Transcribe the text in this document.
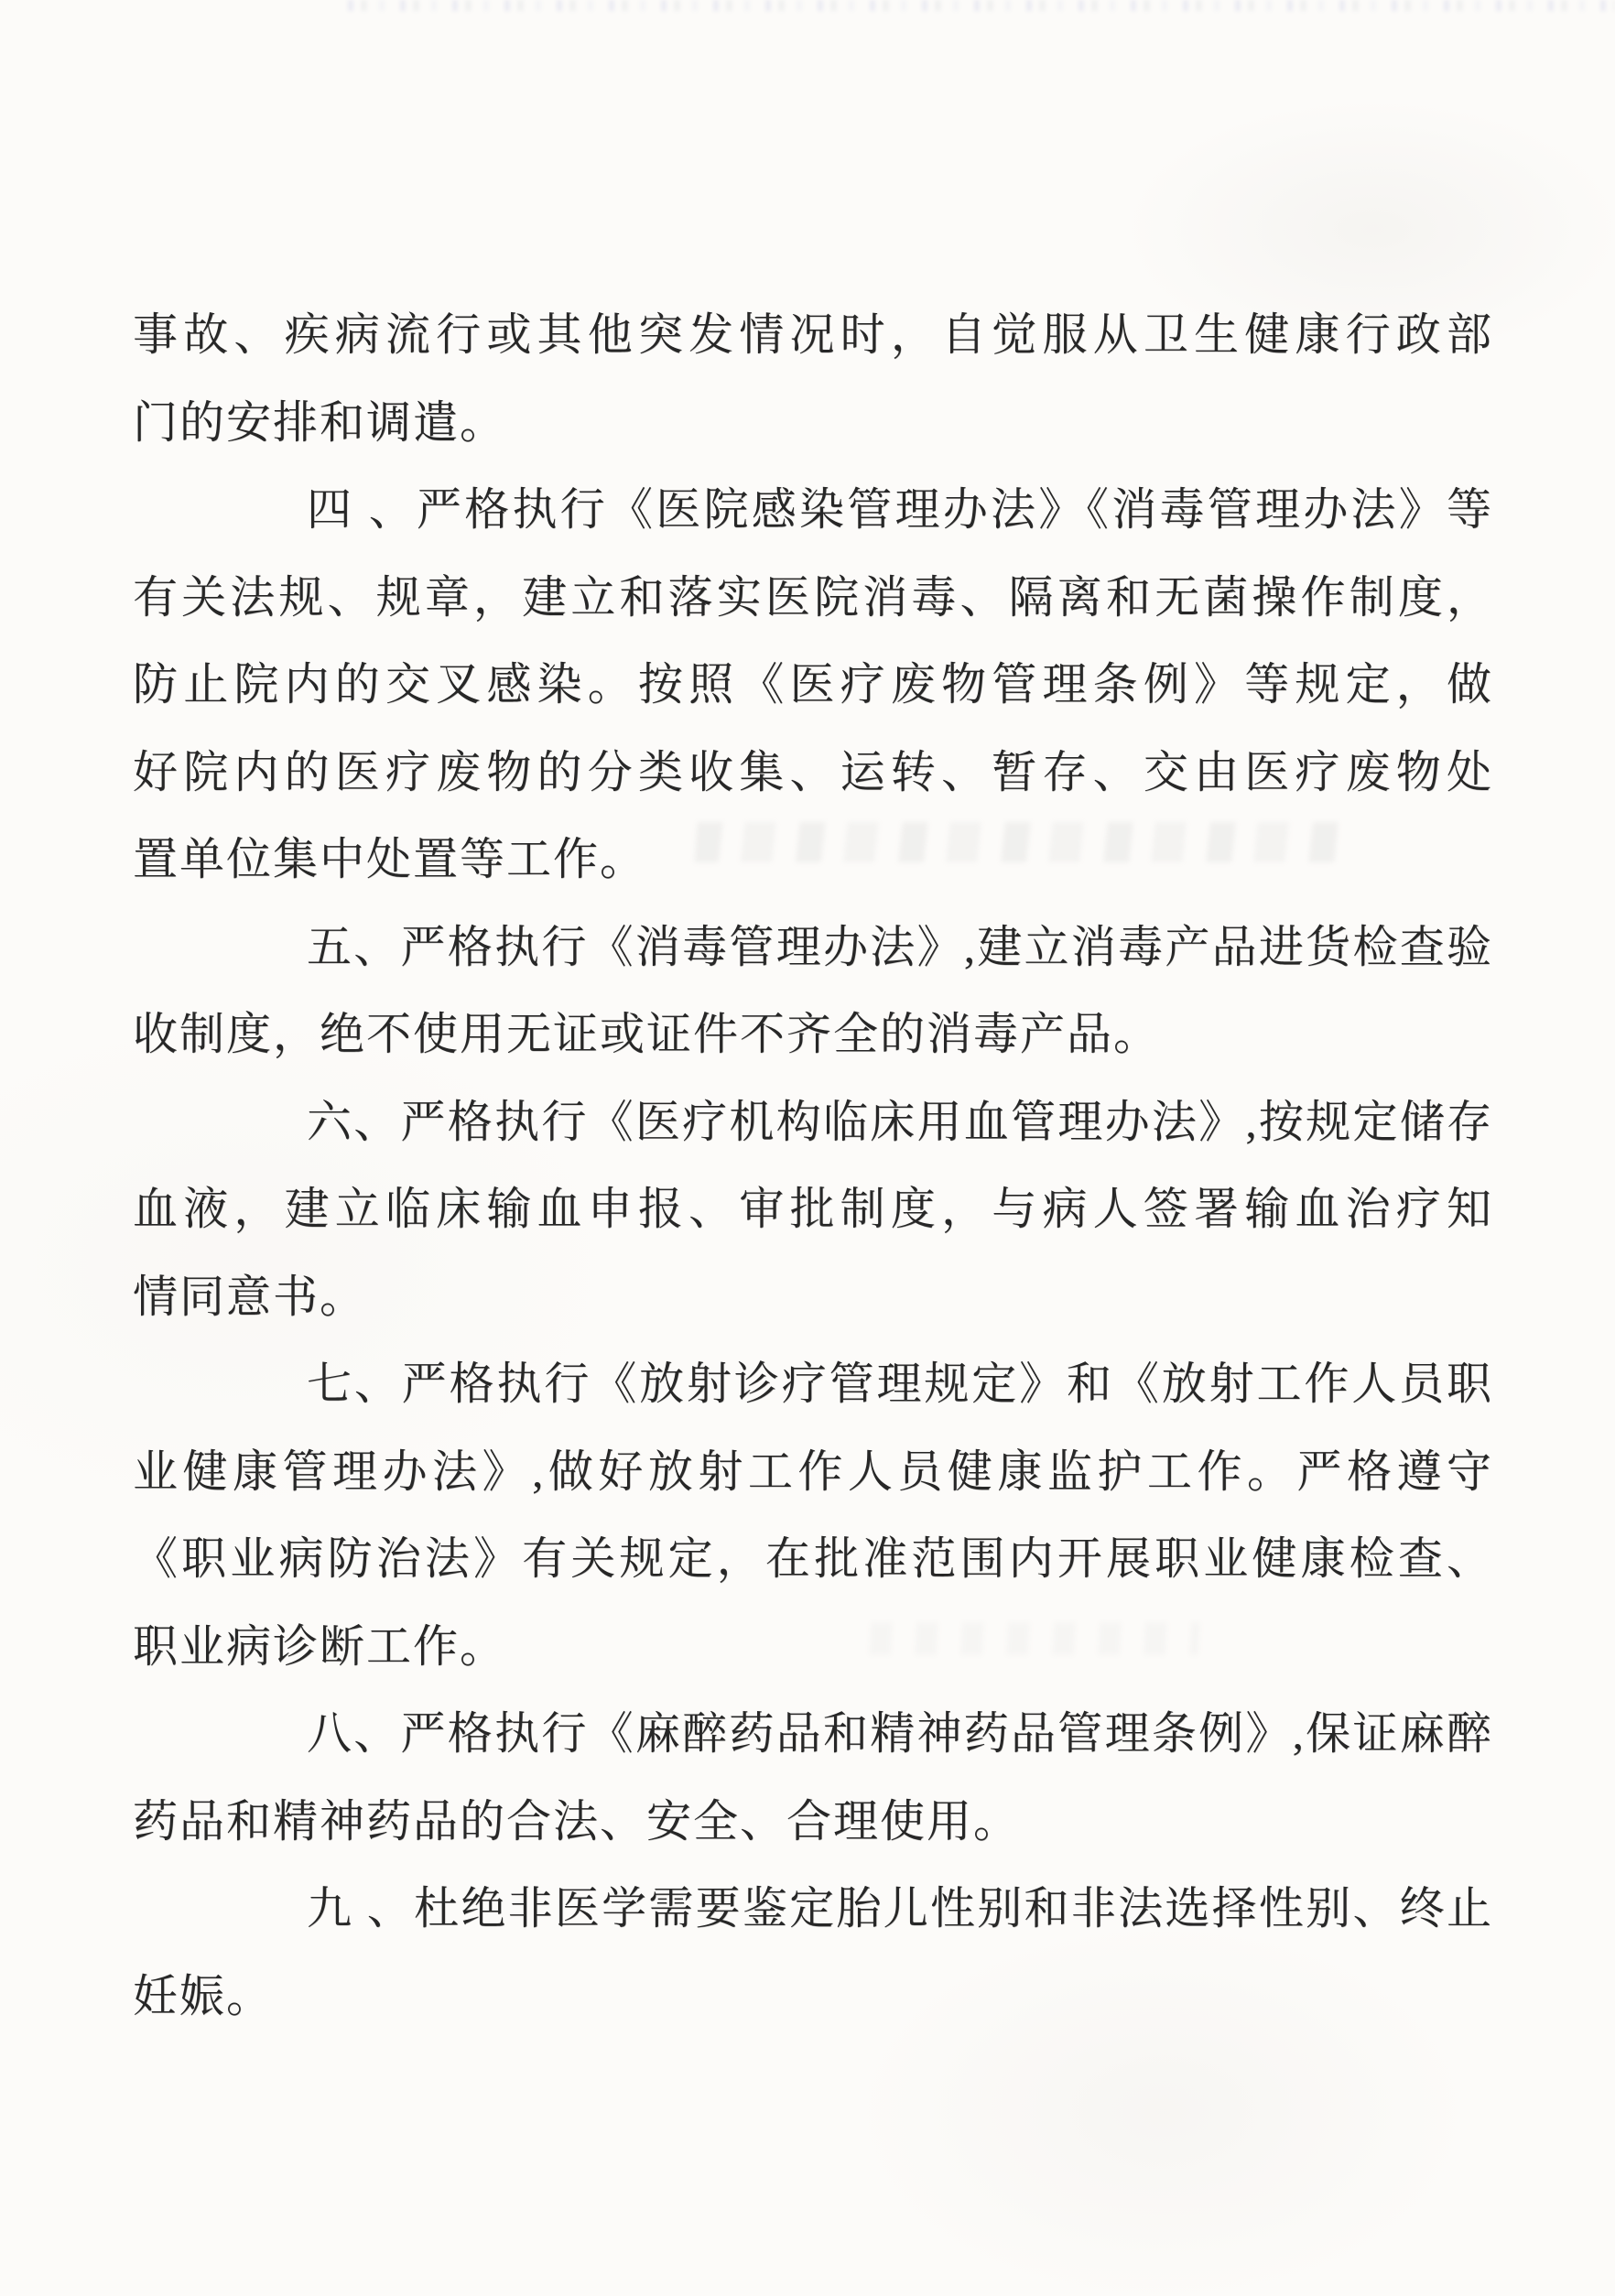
事故、疾病流行或其他突发情况时，自觉服从卫生健康行政部
门的安排和调遣。
四 、严格执行《医院感染管理办法》《消毒管理办法》等
有关法规、规章，建立和落实医院消毒、隔离和无菌操作制度，
防止院内的交叉感染。按照《医疗废物管理条例》等规定，做
好院内的医疗废物的分类收集、运转、暂存、交由医疗废物处
置单位集中处置等工作。
五、严格执行《消毒管理办法》,建立消毒产品进货检查验
收制度，绝不使用无证或证件不齐全的消毒产品。
六、严格执行《医疗机构临床用血管理办法》,按规定储存
血液，建立临床输血申报、审批制度，与病人签署输血治疗知
情同意书。
七、严格执行《放射诊疗管理规定》和《放射工作人员职
业健康管理办法》,做好放射工作人员健康监护工作。严格遵守
《职业病防治法》有关规定，在批准范围内开展职业健康检查、
职业病诊断工作。
八、严格执行《麻醉药品和精神药品管理条例》,保证麻醉
药品和精神药品的合法、安全、合理使用。
九 、杜绝非医学需要鉴定胎儿性别和非法选择性别、终止
妊娠。
